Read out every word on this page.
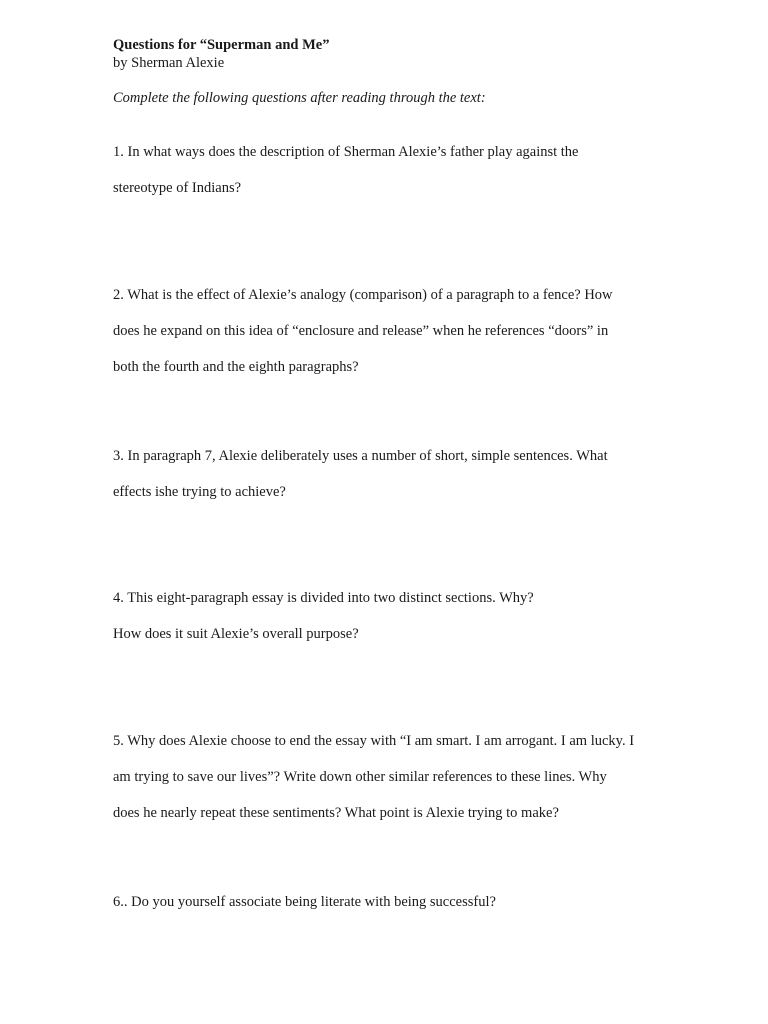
Questions for “Superman and Me”
by Sherman Alexie
Complete the following questions after reading through the text:

1. In what ways does the description of Sherman Alexie’s father play against the

stereotype of Indians?

2. What is the effect of Alexie’s analogy (comparison) of a paragraph to a fence? How

does he expand on this idea of “enclosure and release” when he references “doors” in

both the fourth and the eighth paragraphs?

3. In paragraph 7, Alexie deliberately uses a number of short, simple sentences. What

effects ishe trying to achieve?

4. This eight-paragraph essay is divided into two distinct sections. Why?

How does it suit Alexie’s overall purpose?

5. Why does Alexie choose to end the essay with “I am smart. I am arrogant. I am lucky. I

am trying to save our lives”? Write down other similar references to these lines. Why

does he nearly repeat these sentiments? What point is Alexie trying to make?

6.. Do you yourself associate being literate with being successful?
